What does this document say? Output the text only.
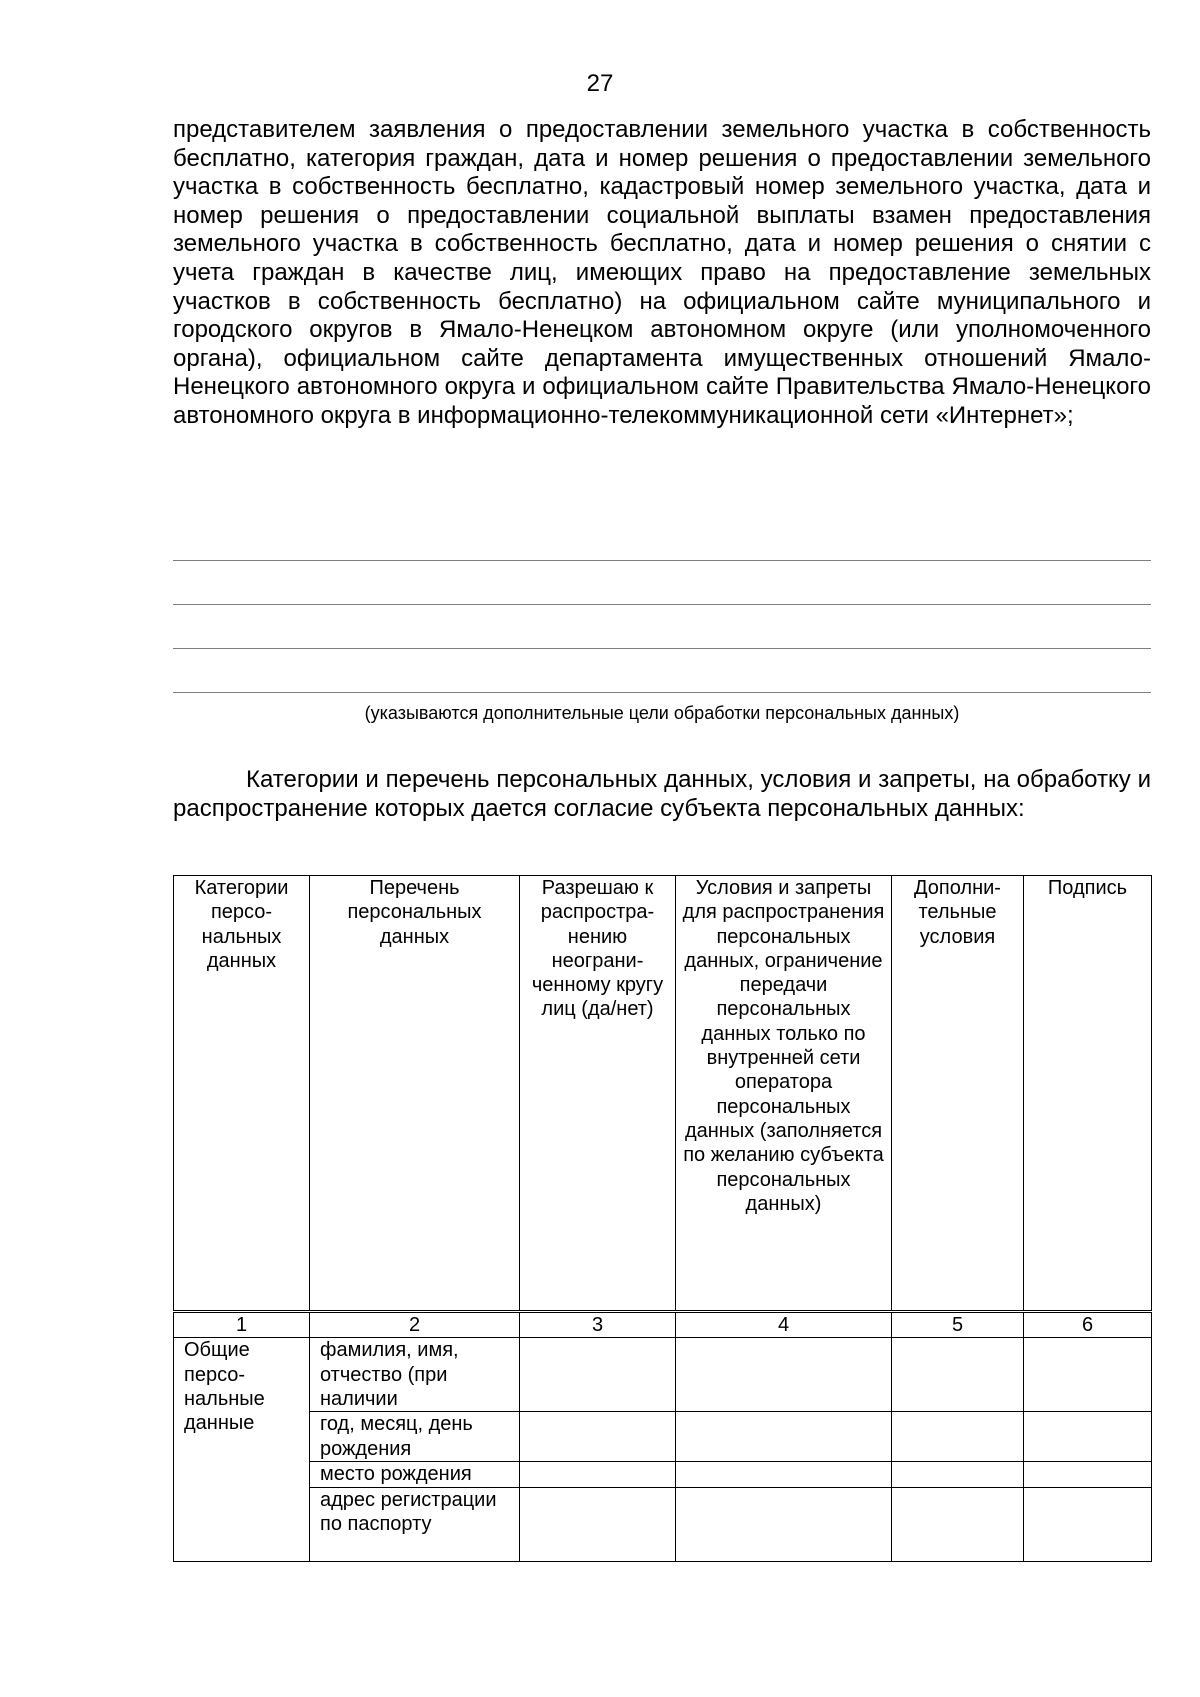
27

представителем заявления о предоставлении земельного участка в собственность бесплатно, категория граждан, дата и номер решения о предоставлении земельного участка в собственность бесплатно, кадастровый номер земельного участка, дата и номер решения о предоставлении социальной выплаты взамен предоставления земельного участка в собственность бесплатно, дата и номер решения о снятии с учета граждан в качестве лиц, имеющих право на предоставление земельных участков в собственность бесплатно) на официальном сайте муниципального и городского округов в Ямало-Ненецком автономном округе (или уполномоченного органа), официальном сайте департамента имущественных отношений Ямало-Ненецкого автономного округа и официальном сайте Правительства Ямало-Ненецкого автономного округа в информационно-телекоммуникационной сети «Интернет»;

(указываются дополнительные цели обработки персональных данных)

Категории и перечень персональных данных, условия и запреты, на обработку и распространение которых дается согласие субъекта персональных данных:

Категории персо-нальных данных	Перечень персональных данных	Разрешаю к распростра-нению неограни-ченному кругу лиц (да/нет)	Условия и запреты для распространения персональных данных, ограничение передачи персональных данных только по внутренней сети оператора персональных данных (заполняется по желанию субъекта персональных данных)	Дополни-тельные условия	Подпись
1	2	3	4	5	6
Общие персо-нальные данные	фамилия, имя, отчество (при наличии				
	год, месяц, день рождения				
	место рождения				
	адрес регистрации по паспорту				
